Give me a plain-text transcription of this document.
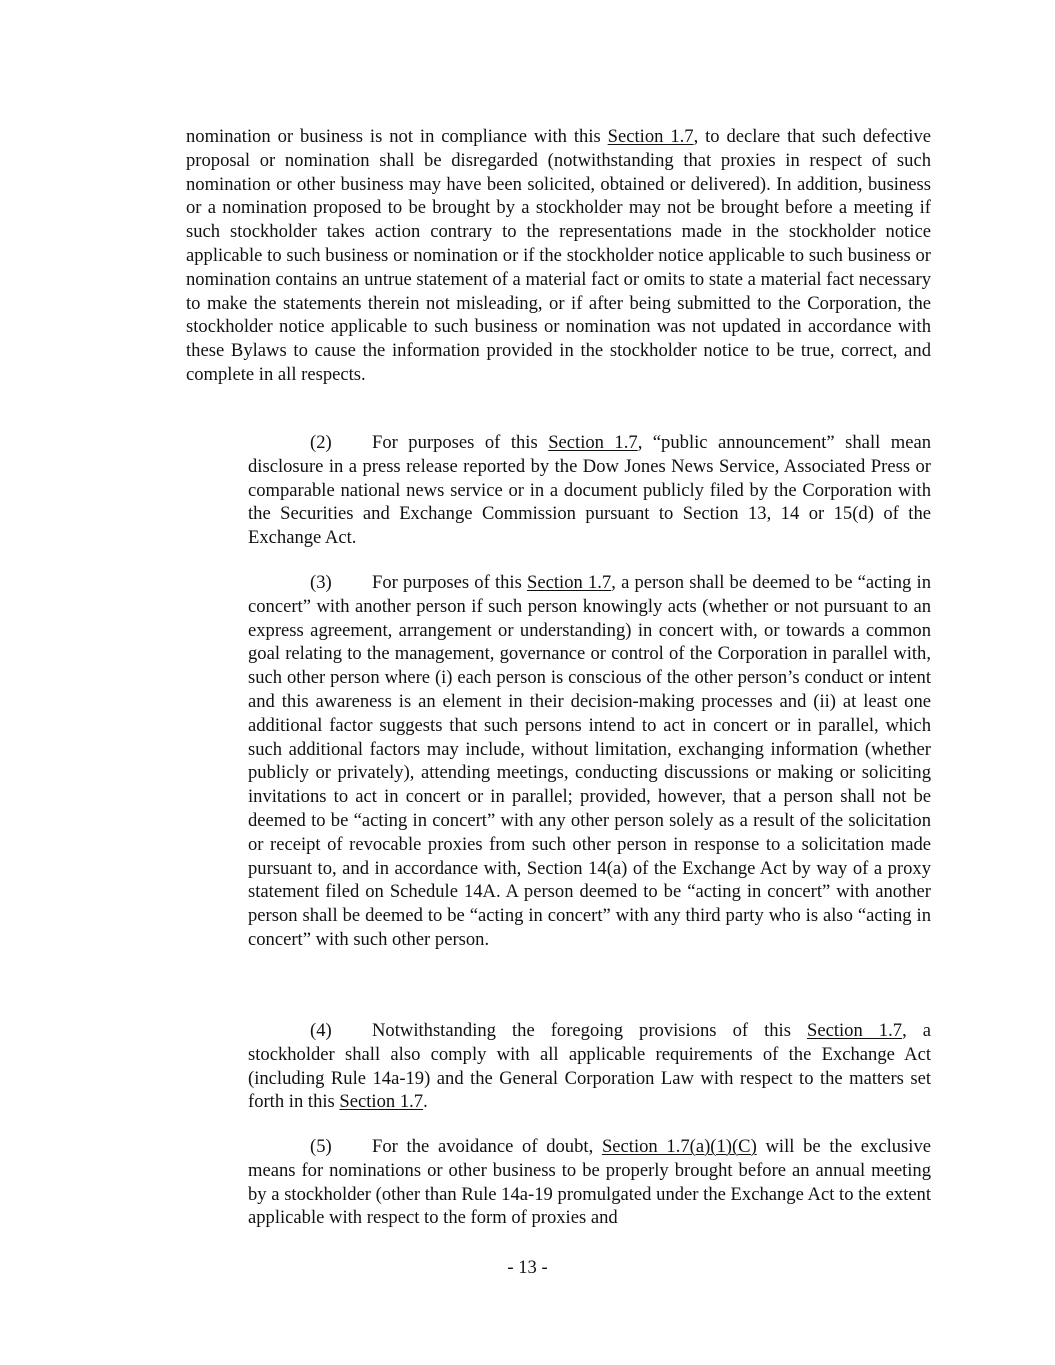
nomination or business is not in compliance with this Section 1.7, to declare that such defective proposal or nomination shall be disregarded (notwithstanding that proxies in respect of such nomination or other business may have been solicited, obtained or delivered). In addition, business or a nomination proposed to be brought by a stockholder may not be brought before a meeting if such stockholder takes action contrary to the representations made in the stockholder notice applicable to such business or nomination or if the stockholder notice applicable to such business or nomination contains an untrue statement of a material fact or omits to state a material fact necessary to make the statements therein not misleading, or if after being submitted to the Corporation, the stockholder notice applicable to such business or nomination was not updated in accordance with these Bylaws to cause the information provided in the stockholder notice to be true, correct, and complete in all respects.

(2) For purposes of this Section 1.7, “public announcement” shall mean disclosure in a press release reported by the Dow Jones News Service, Associated Press or comparable national news service or in a document publicly filed by the Corporation with the Securities and Exchange Commission pursuant to Section 13, 14 or 15(d) of the Exchange Act.

(3) For purposes of this Section 1.7, a person shall be deemed to be “acting in concert” with another person if such person knowingly acts (whether or not pursuant to an express agreement, arrangement or understanding) in concert with, or towards a common goal relating to the management, governance or control of the Corporation in parallel with, such other person where (i) each person is conscious of the other person’s conduct or intent and this awareness is an element in their decision-making processes and (ii) at least one additional factor suggests that such persons intend to act in concert or in parallel, which such additional factors may include, without limitation, exchanging information (whether publicly or privately), attending meetings, conducting discussions or making or soliciting invitations to act in concert or in parallel; provided, however, that a person shall not be deemed to be “acting in concert” with any other person solely as a result of the solicitation or receipt of revocable proxies from such other person in response to a solicitation made pursuant to, and in accordance with, Section 14(a) of the Exchange Act by way of a proxy statement filed on Schedule 14A. A person deemed to be “acting in concert” with another person shall be deemed to be “acting in concert” with any third party who is also “acting in concert” with such other person.

(4) Notwithstanding the foregoing provisions of this Section 1.7, a stockholder shall also comply with all applicable requirements of the Exchange Act (including Rule 14a-19) and the General Corporation Law with respect to the matters set forth in this Section 1.7.

(5) For the avoidance of doubt, Section 1.7(a)(1)(C) will be the exclusive means for nominations or other business to be properly brought before an annual meeting by a stockholder (other than Rule 14a-19 promulgated under the Exchange Act to the extent applicable with respect to the form of proxies and

- 13 -
